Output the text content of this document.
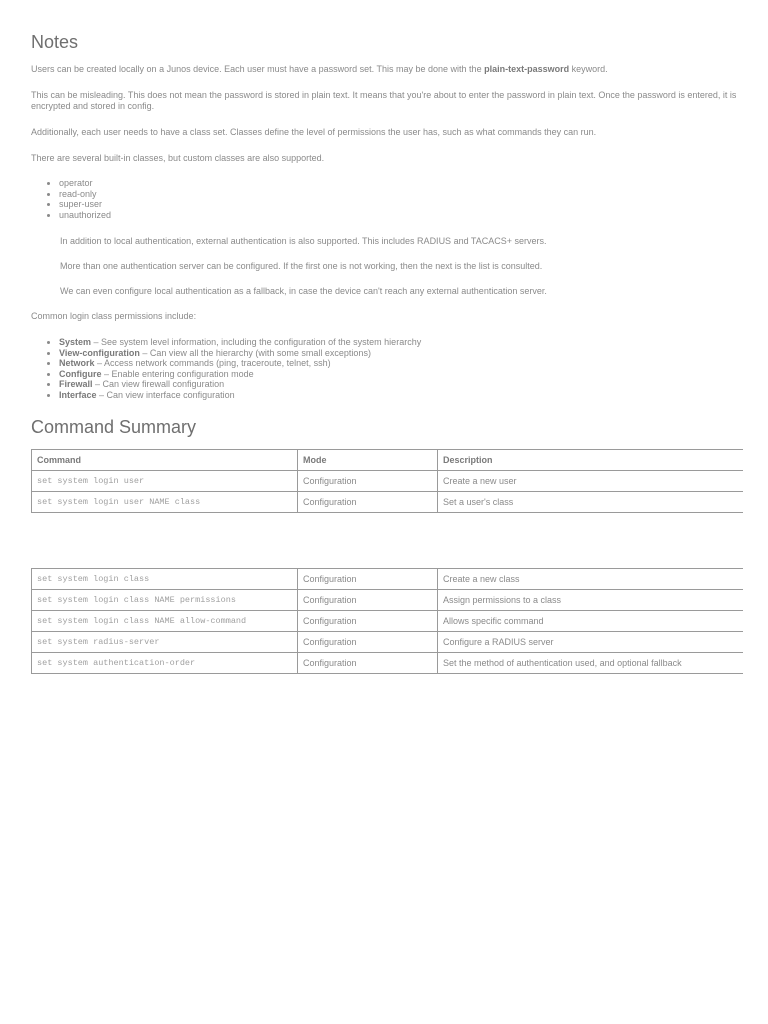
Notes

Users can be created locally on a Junos device. Each user must have a password set. This may be done with the plain-text-password keyword.

This can be misleading. This does not mean the password is stored in plain text. It means that you're about to enter the password in plain text. Once the password is entered, it is encrypted and stored in config.

Additionally, each user needs to have a class set. Classes define the level of permissions the user has, such as what commands they can run.

There are several built-in classes, but custom classes are also supported.

• operator
• read-only
• super-user
• unauthorized

In addition to local authentication, external authentication is also supported. This includes RADIUS and TACACS+ servers.

More than one authentication server can be configured. If the first one is not working, then the next is the list is consulted.

We can even configure local authentication as a fallback, in case the device can't reach any external authentication server.

Common login class permissions include:

• System – See system level information, including the configuration of the system hierarchy
• View-configuration – Can view all the hierarchy (with some small exceptions)
• Network – Access network commands (ping, traceroute, telnet, ssh)
• Configure – Enable entering configuration mode
• Firewall – Can view firewall configuration
• Interface – Can view interface configuration
Command Summary
Command	Mode	Description
set system login user	Configuration	Create a new user
set system login user NAME class	Configuration	Set a user's class
set system login class	Configuration	Create a new class
set system login class NAME permissions	Configuration	Assign permissions to a class
set system login class NAME allow-command	Configuration	Allows specific command
set system radius-server	Configuration	Configure a RADIUS server
set system authentication-order	Configuration	Set the method of authentication used, and optional fallback
